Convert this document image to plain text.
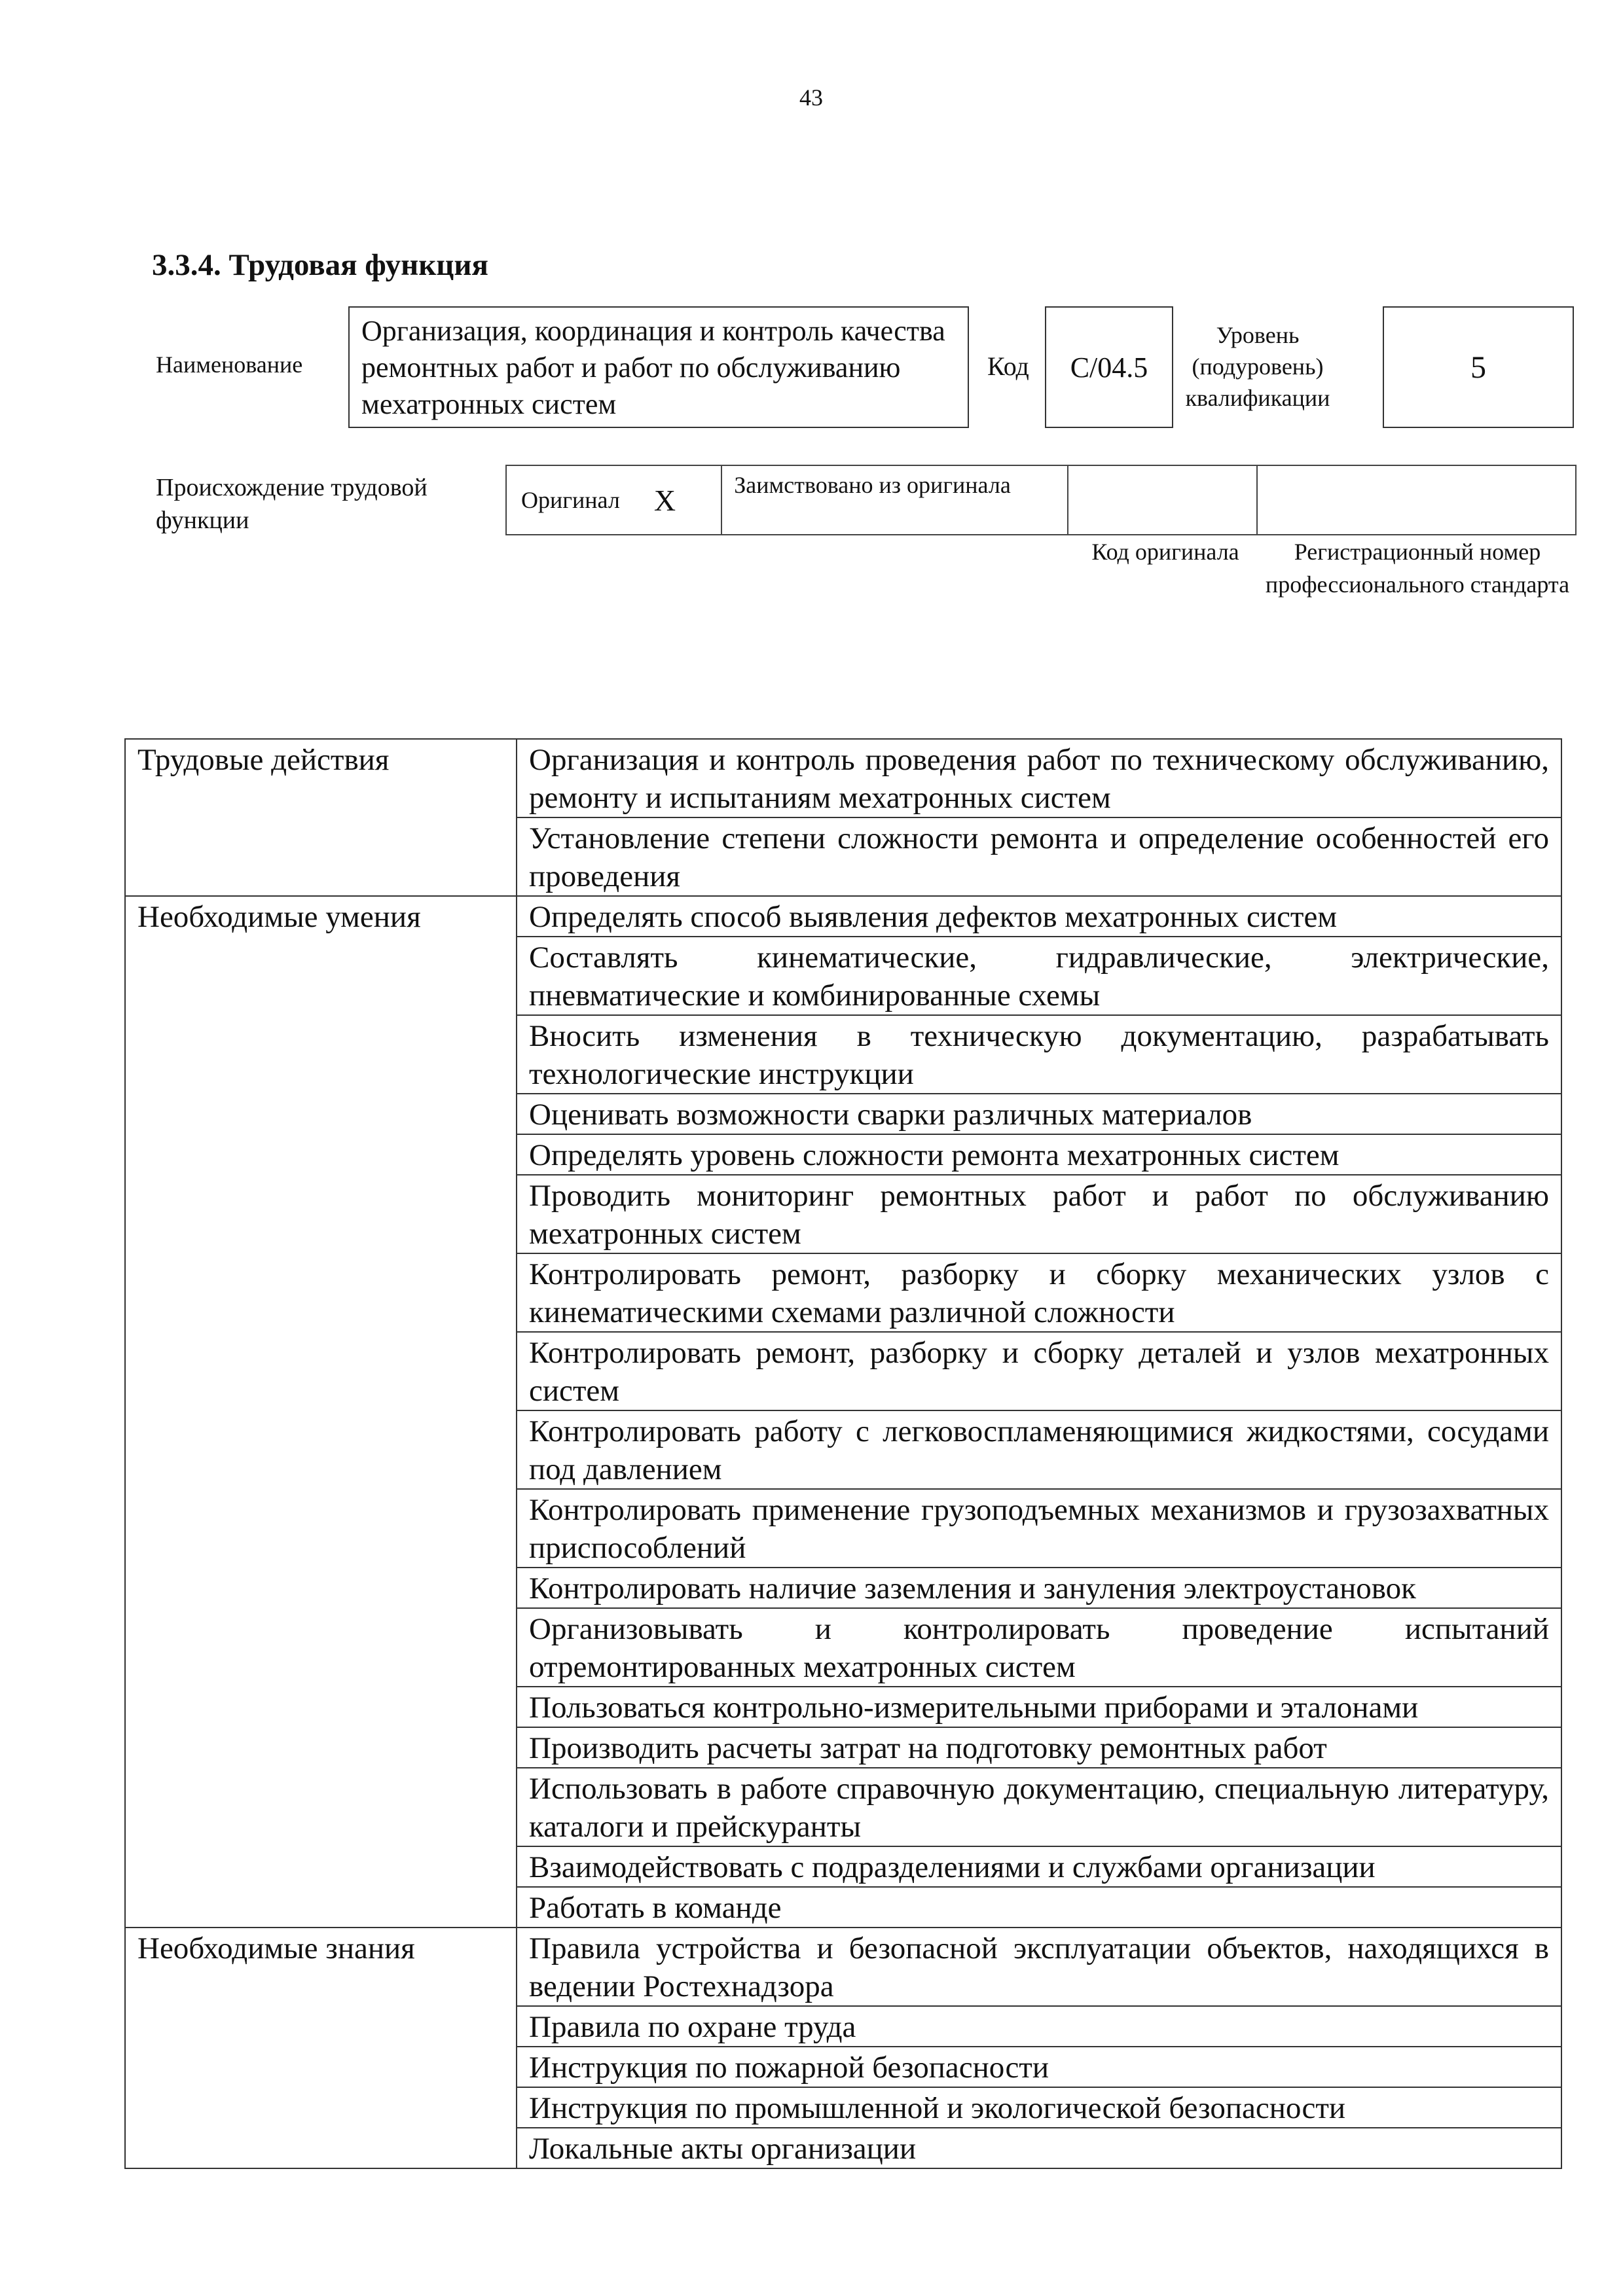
43
3.3.4. Трудовая функция
Наименование
Организация, координация и контроль качества ремонтных работ и работ по обслуживанию мехатронных систем
Код С/04.5
Уровень (подуровень) квалификации
5
Происхождение трудовой функции
Оригинал X	Заимствовано из оригинала
Код оригинала	Регистрационный номер профессионального стандарта
Трудовые действия	Организация и контроль проведения работ по техническому обслуживанию, ремонту и испытаниям мехатронных систем
	Установление степени сложности ремонта и определение особенностей его проведения
Необходимые умения	Определять способ выявления дефектов мехатронных систем
	Составлять кинематические, гидравлические, электрические, пневматические и комбинированные схемы
	Вносить изменения в техническую документацию, разрабатывать технологические инструкции
	Оценивать возможности сварки различных материалов
	Определять уровень сложности ремонта мехатронных систем
	Проводить мониторинг ремонтных работ и работ по обслуживанию мехатронных систем
	Контролировать ремонт, разборку и сборку механических узлов с кинематическими схемами различной сложности
	Контролировать ремонт, разборку и сборку деталей и узлов мехатронных систем
	Контролировать работу с легковоспламеняющимися жидкостями, сосудами под давлением
	Контролировать применение грузоподъемных механизмов и грузозахватных приспособлений
	Контролировать наличие заземления и зануления электроустановок
	Организовывать и контролировать проведение испытаний отремонтированных мехатронных систем
	Пользоваться контрольно-измерительными приборами и эталонами
	Производить расчеты затрат на подготовку ремонтных работ
	Использовать в работе справочную документацию, специальную литературу, каталоги и прейскуранты
	Взаимодействовать с подразделениями и службами организации
	Работать в команде
Необходимые знания	Правила устройства и безопасной эксплуатации объектов, находящихся в ведении Ростехнадзора
	Правила по охране труда
	Инструкция по пожарной безопасности
	Инструкция по промышленной и экологической безопасности
	Локальные акты организации
